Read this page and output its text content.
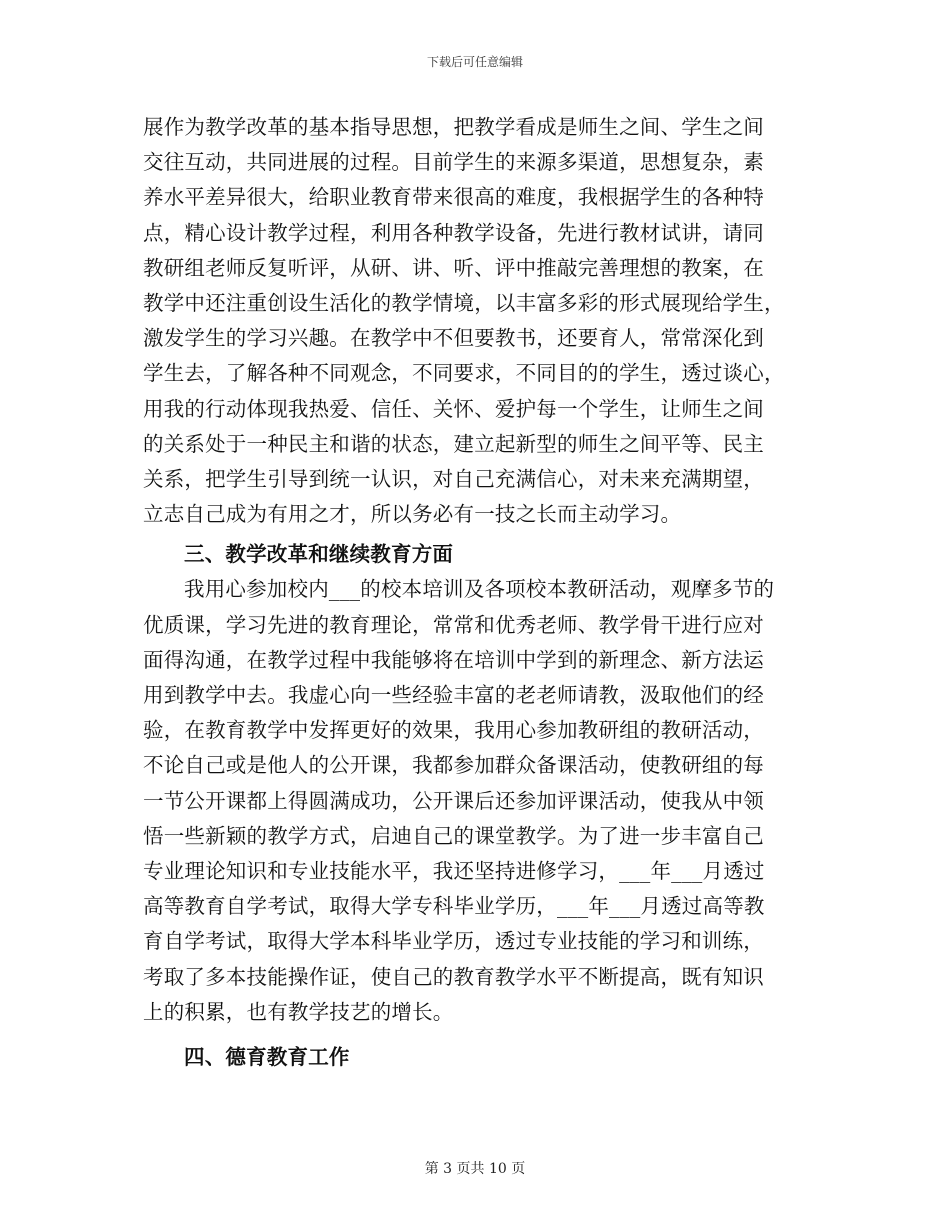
下载后可任意编辑
展作为教学改革的基本指导思想，把教学看成是师生之间、学生之间
交往互动，共同进展的过程。目前学生的来源多渠道，思想复杂，素
养水平差异很大，给职业教育带来很高的难度，我根据学生的各种特
点，精心设计教学过程，利用各种教学设备，先进行教材试讲，请同
教研组老师反复听评，从研、讲、听、评中推敲完善理想的教案，在
教学中还注重创设生活化的教学情境，以丰富多彩的形式展现给学生，
激发学生的学习兴趣。在教学中不但要教书，还要育人，常常深化到
学生去，了解各种不同观念，不同要求，不同目的的学生，透过谈心，
用我的行动体现我热爱、信任、关怀、爱护每一个学生，让师生之间
的关系处于一种民主和谐的状态，建立起新型的师生之间平等、民主
关系，把学生引导到统一认识，对自己充满信心，对未来充满期望，
立志自己成为有用之才，所以务必有一技之长而主动学习。
三、教学改革和继续教育方面
我用心参加校内___的校本培训及各项校本教研活动，观摩多节的
优质课，学习先进的教育理论，常常和优秀老师、教学骨干进行应对
面得沟通，在教学过程中我能够将在培训中学到的新理念、新方法运
用到教学中去。我虚心向一些经验丰富的老老师请教，汲取他们的经
验，在教育教学中发挥更好的效果，我用心参加教研组的教研活动，
不论自己或是他人的公开课，我都参加群众备课活动，使教研组的每
一节公开课都上得圆满成功，公开课后还参加评课活动，使我从中领
悟一些新颖的教学方式，启迪自己的课堂教学。为了进一步丰富自己
专业理论知识和专业技能水平，我还坚持进修学习，___年___月透过
高等教育自学考试，取得大学专科毕业学历，___年___月透过高等教
育自学考试，取得大学本科毕业学历，透过专业技能的学习和训练，
考取了多本技能操作证，使自己的教育教学水平不断提高，既有知识
上的积累，也有教学技艺的增长。
四、德育教育工作
第 3 页共 10 页
